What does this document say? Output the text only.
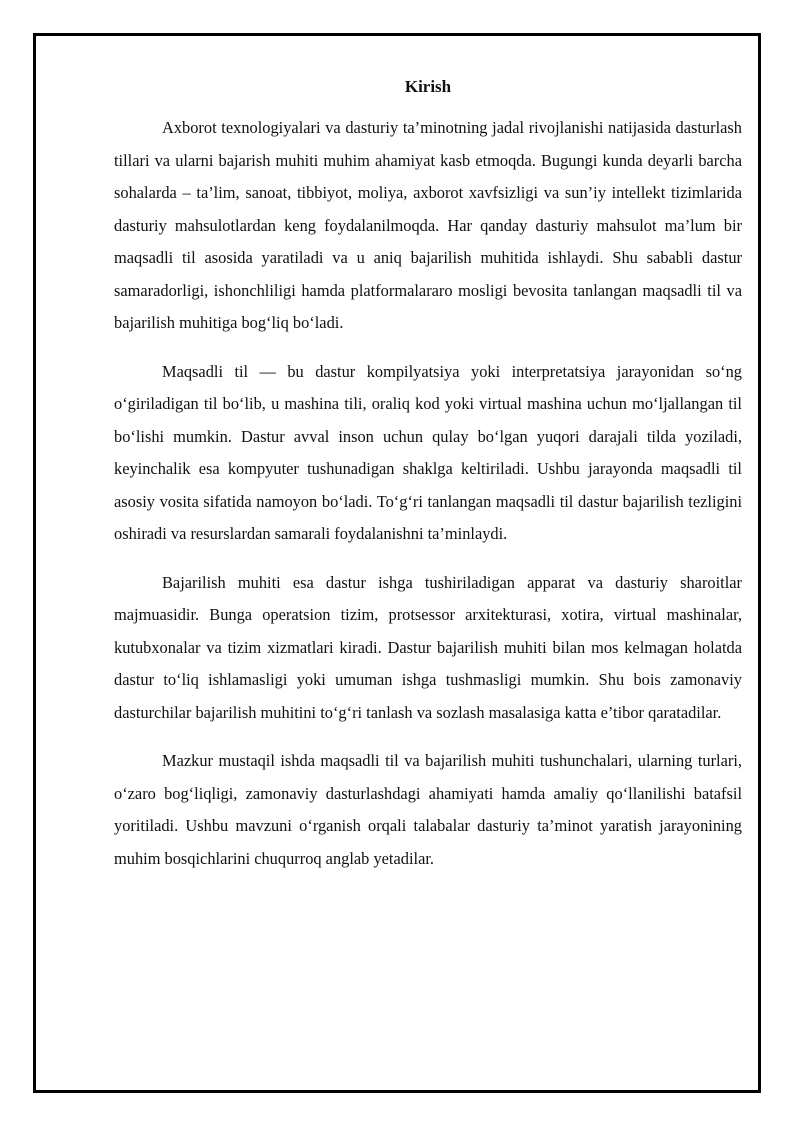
Kirish

Axborot texnologiyalari va dasturiy ta’minotning jadal rivojlanishi natijasida dasturlash tillari va ularni bajarish muhiti muhim ahamiyat kasb etmoqda. Bugungi kunda deyarli barcha sohalarda – ta’lim, sanoat, tibbiyot, moliya, axborot xavfsizligi va sun’iy intellekt tizimlarida dasturiy mahsulotlardan keng foydalanilmoqda. Har qanday dasturiy mahsulot ma’lum bir maqsadli til asosida yaratiladi va u aniq bajarilish muhitida ishlaydi. Shu sababli dastur samaradorligi, ishonchliligi hamda platformalararo mosligi bevosita tanlangan maqsadli til va bajarilish muhitiga bog‘liq bo‘ladi.

Maqsadli til — bu dastur kompilyatsiya yoki interpretatsiya jarayonidan so‘ng o‘giriladigan til bo‘lib, u mashina tili, oraliq kod yoki virtual mashina uchun mo‘ljallangan til bo‘lishi mumkin. Dastur avval inson uchun qulay bo‘lgan yuqori darajali tilda yoziladi, keyinchalik esa kompyuter tushunadigan shaklga keltiriladi. Ushbu jarayonda maqsadli til asosiy vosita sifatida namoyon bo‘ladi. To‘g‘ri tanlangan maqsadli til dastur bajarilish tezligini oshiradi va resurslardan samarali foydalanishni ta’minlaydi.

Bajarilish muhiti esa dastur ishga tushiriladigan apparat va dasturiy sharoitlar majmuasidir. Bunga operatsion tizim, protsessor arxitekturasi, xotira, virtual mashinalar, kutubxonalar va tizim xizmatlari kiradi. Dastur bajarilish muhiti bilan mos kelmagan holatda dastur to‘liq ishlamasligi yoki umuman ishga tushmasligi mumkin. Shu bois zamonaviy dasturchilar bajarilish muhitini to‘g‘ri tanlash va sozlash masalasiga katta e’tibor qaratadilar.

Mazkur mustaqil ishda maqsadli til va bajarilish muhiti tushunchalari, ularning turlari, o‘zaro bog‘liqligi, zamonaviy dasturlashdagi ahamiyati hamda amaliy qo‘llanilishi batafsil yoritiladi. Ushbu mavzuni o‘rganish orqali talabalar dasturiy ta’minot yaratish jarayonining muhim bosqichlarini chuqurroq anglab yetadilar.
